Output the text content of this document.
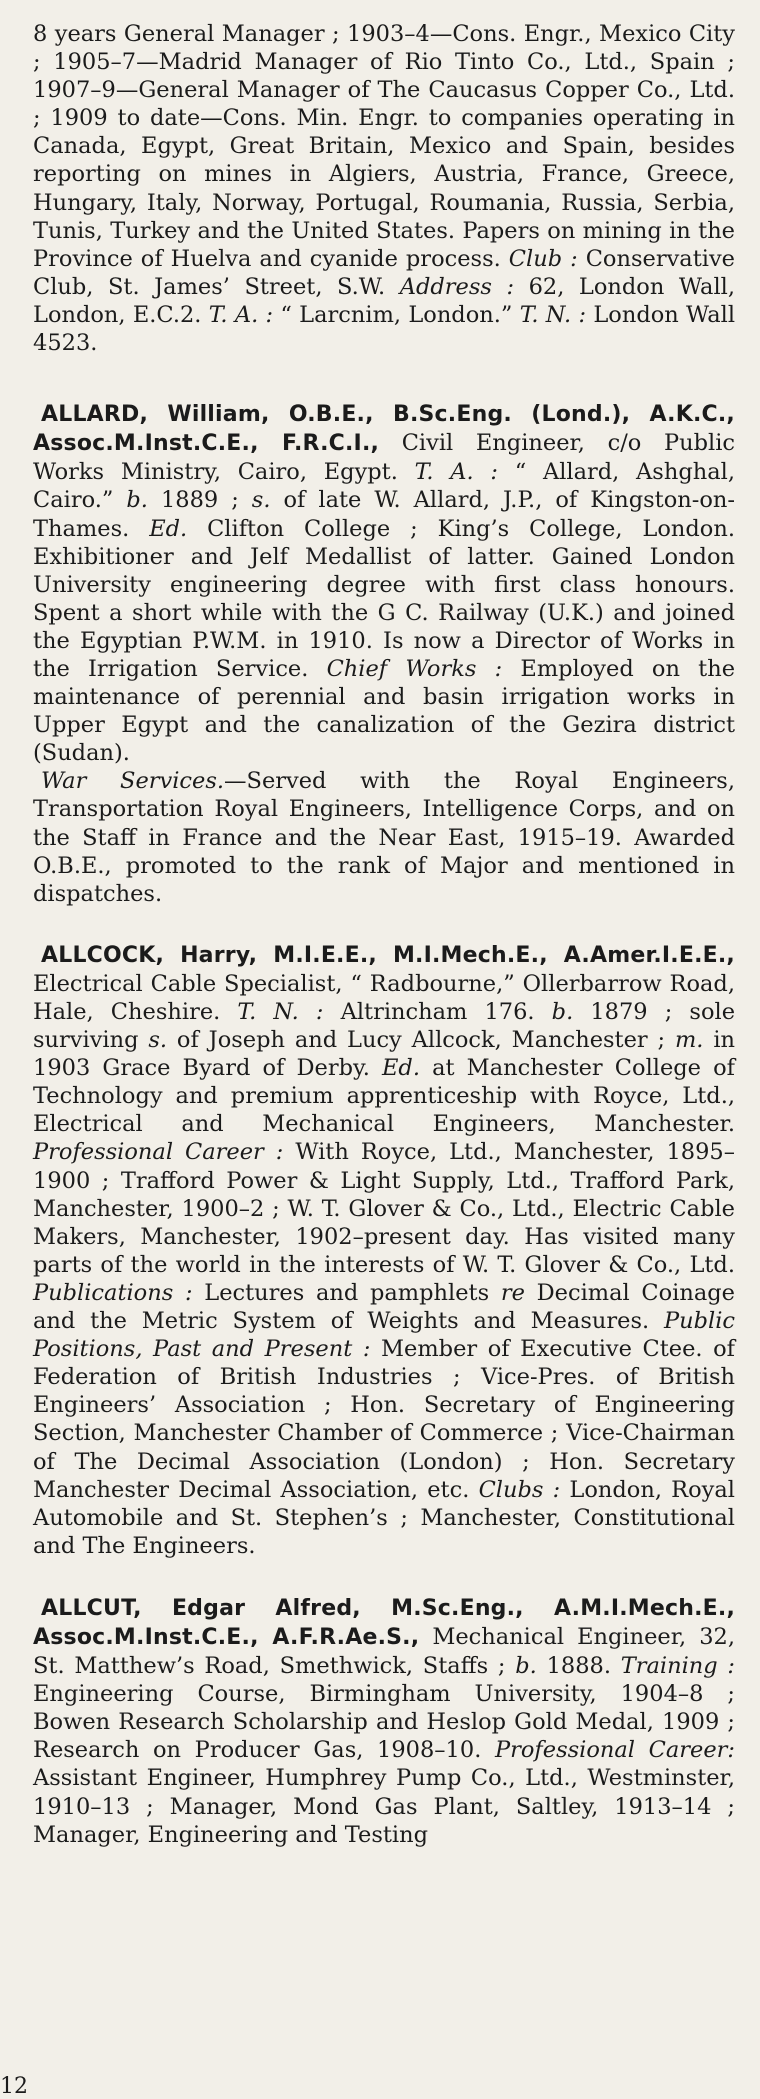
8 years General Manager ; 1903–4—Cons. Engr., Mexico City ; 1905–7—Madrid Manager of Rio Tinto Co., Ltd., Spain ; 1907–9—General Manager of The Caucasus Copper Co., Ltd. ; 1909 to date—Cons. Min. Engr. to companies operating in Canada, Egypt, Great Britain, Mexico and Spain, besides reporting on mines in Algiers, Austria, France, Greece, Hungary, Italy, Norway, Portugal, Roumania, Russia, Serbia, Tunis, Turkey and the United States. Papers on mining in the Province of Huelva and cyanide process. Club : Conservative Club, St. James’ Street, S.W. Address : 62, London Wall, London, E.C.2. T. A. : “ Larcnim, London.” T. N. : London Wall 4523.

ALLARD, William, O.B.E., B.Sc.Eng. (Lond.), A.K.C., Assoc.M.Inst.C.E., F.R.C.I., Civil Engineer, c/o Public Works Ministry, Cairo, Egypt. T. A. : “ Allard, Ashghal, Cairo.” b. 1889 ; s. of late W. Allard, J.P., of Kingston-on-Thames. Ed. Clifton College ; King’s College, London. Exhibitioner and Jelf Medallist of latter. Gained London University engineering degree with first class honours. Spent a short while with the G C. Railway (U.K.) and joined the Egyptian P.W.M. in 1910. Is now a Director of Works in the Irrigation Service. Chief Works : Employed on the maintenance of perennial and basin irrigation works in Upper Egypt and the canalization of the Gezira district (Sudan).

War Services.—Served with the Royal Engineers, Transportation Royal Engineers, Intelligence Corps, and on the Staff in France and the Near East, 1915–19. Awarded O.B.E., promoted to the rank of Major and mentioned in dispatches.

ALLCOCK, Harry, M.I.E.E., M.I.Mech.E., A.Amer.I.E.E., Electrical Cable Specialist, “ Radbourne,” Ollerbarrow Road, Hale, Cheshire. T. N. : Altrincham 176. b. 1879 ; sole surviving s. of Joseph and Lucy Allcock, Manchester ; m. in 1903 Grace Byard of Derby. Ed. at Manchester College of Technology and premium apprenticeship with Royce, Ltd., Electrical and Mechanical Engineers, Manchester. Professional Career : With Royce, Ltd., Manchester, 1895–1900 ; Trafford Power & Light Supply, Ltd., Trafford Park, Manchester, 1900–2 ; W. T. Glover & Co., Ltd., Electric Cable Makers, Manchester, 1902–present day. Has visited many parts of the world in the interests of W. T. Glover & Co., Ltd. Publications : Lectures and pamphlets re Decimal Coinage and the Metric System of Weights and Measures. Public Positions, Past and Present : Member of Executive Ctee. of Federation of British Industries ; Vice-Pres. of British Engineers’ Association ; Hon. Secretary of Engineering Section, Manchester Chamber of Commerce ; Vice-Chairman of The Decimal Association (London) ; Hon. Secretary Manchester Decimal Association, etc. Clubs : London, Royal Automobile and St. Stephen’s ; Manchester, Constitutional and The Engineers.

ALLCUT, Edgar Alfred, M.Sc.Eng., A.M.I.Mech.E., Assoc.M.Inst.C.E., A.F.R.Ae.S., Mechanical Engineer, 32, St. Matthew’s Road, Smethwick, Staffs ; b. 1888. Training : Engineering Course, Birmingham University, 1904–8 ; Bowen Research Scholarship and Heslop Gold Medal, 1909 ; Research on Producer Gas, 1908–10. Professional Career: Assistant Engineer, Humphrey Pump Co., Ltd., Westminster, 1910–13 ; Manager, Mond Gas Plant, Saltley, 1913–14 ; Manager, Engineering and Testing

12
